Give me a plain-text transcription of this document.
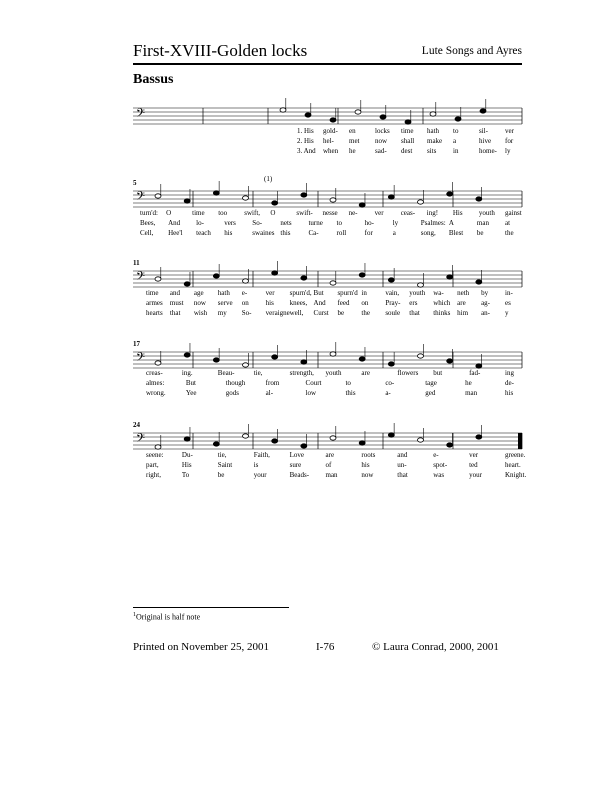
First-XVIII-Golden locks	Lute Songs and Ayres
Bassus
𝄢
1. His gold- en	locks time hath to	sil- ver
2. His hel- met now shall make a	hive for
3. And when he	sad- dest sits in	home- ly
5	(1)
𝄢
turn'd: O	time too swift, O	swift- nesse ne- ver ceas- ing! His youth gainst
Bees, And lo-	vers So-	nets turne to	ho-	ly	Psalmes: A	man at
Cell, Hee'l teach his	swaines this	Ca-	roll	for	a	song, Blest be	the
11
𝄢
time and age hath e-	ver spurn'd, But spurn'd in	vain, youth wa- neth by in-
armes must now serve on his knees, And feed on Pray- ers which are ag- es
hearts that wish my So- veraigne well, Curst be the soule that thinks him an- y
17
𝄢
creas-	ing.	Beau-	tie,	strength, youth	are	flowers but	fad-	ing
almes:	But	though	from	Court	to	co-	tage	he	de-
wrong.	Yee	gods	al-	low	this	a-	ged	man	his
24
𝄢
seene:	Du-	tie,	Faith,	Love	are	roots	and	e-	ver	greene.
part,	His	Saint	is	sure	of	his	un-	spot-	ted	heart.
right,	To	be	your	Beads- man	now	that	was	your	Knight.
$^1$Original is half note
Printed on November 25, 2001	I-76	© Laura Conrad, 2000, 2001
